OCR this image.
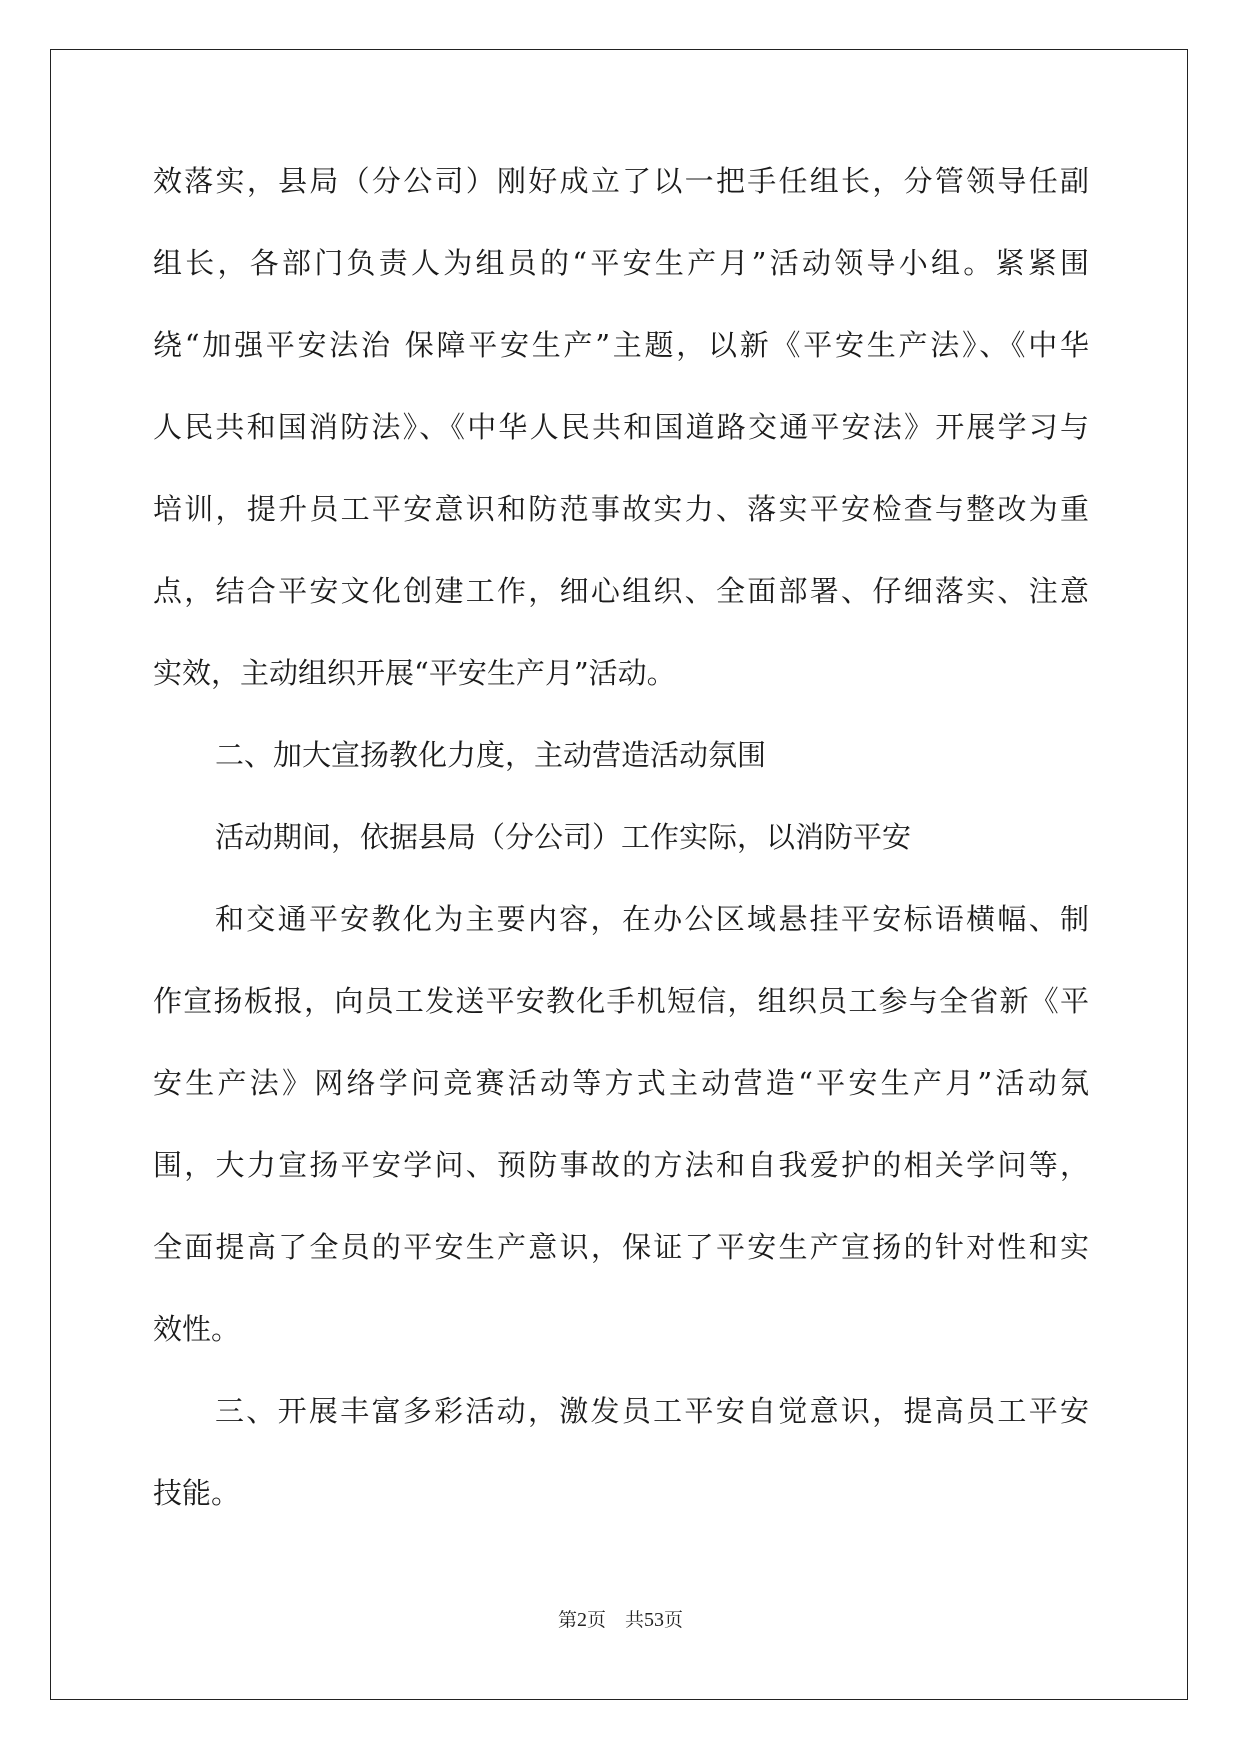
效落实，县局（分公司）刚好成立了以一把手任组长，分管领导任副
组长，各部门负责人为组员的“平安生产月”活动领导小组。紧紧围
绕“加强平安法治 保障平安生产”主题，以新《平安生产法》、《中华
人民共和国消防法》、《中华人民共和国道路交通平安法》开展学习与
培训，提升员工平安意识和防范事故实力、落实平安检查与整改为重
点，结合平安文化创建工作，细心组织、全面部署、仔细落实、注意
实效，主动组织开展“平安生产月”活动。
二、加大宣扬教化力度，主动营造活动氛围
活动期间，依据县局（分公司）工作实际，以消防平安
和交通平安教化为主要内容，在办公区域悬挂平安标语横幅、制
作宣扬板报，向员工发送平安教化手机短信，组织员工参与全省新《平
安生产法》网络学问竞赛活动等方式主动营造“平安生产月”活动氛
围，大力宣扬平安学问、预防事故的方法和自我爱护的相关学问等，
全面提高了全员的平安生产意识，保证了平安生产宣扬的针对性和实
效性。
三、开展丰富多彩活动，激发员工平安自觉意识，提高员工平安
技能。
第2页　共53页
